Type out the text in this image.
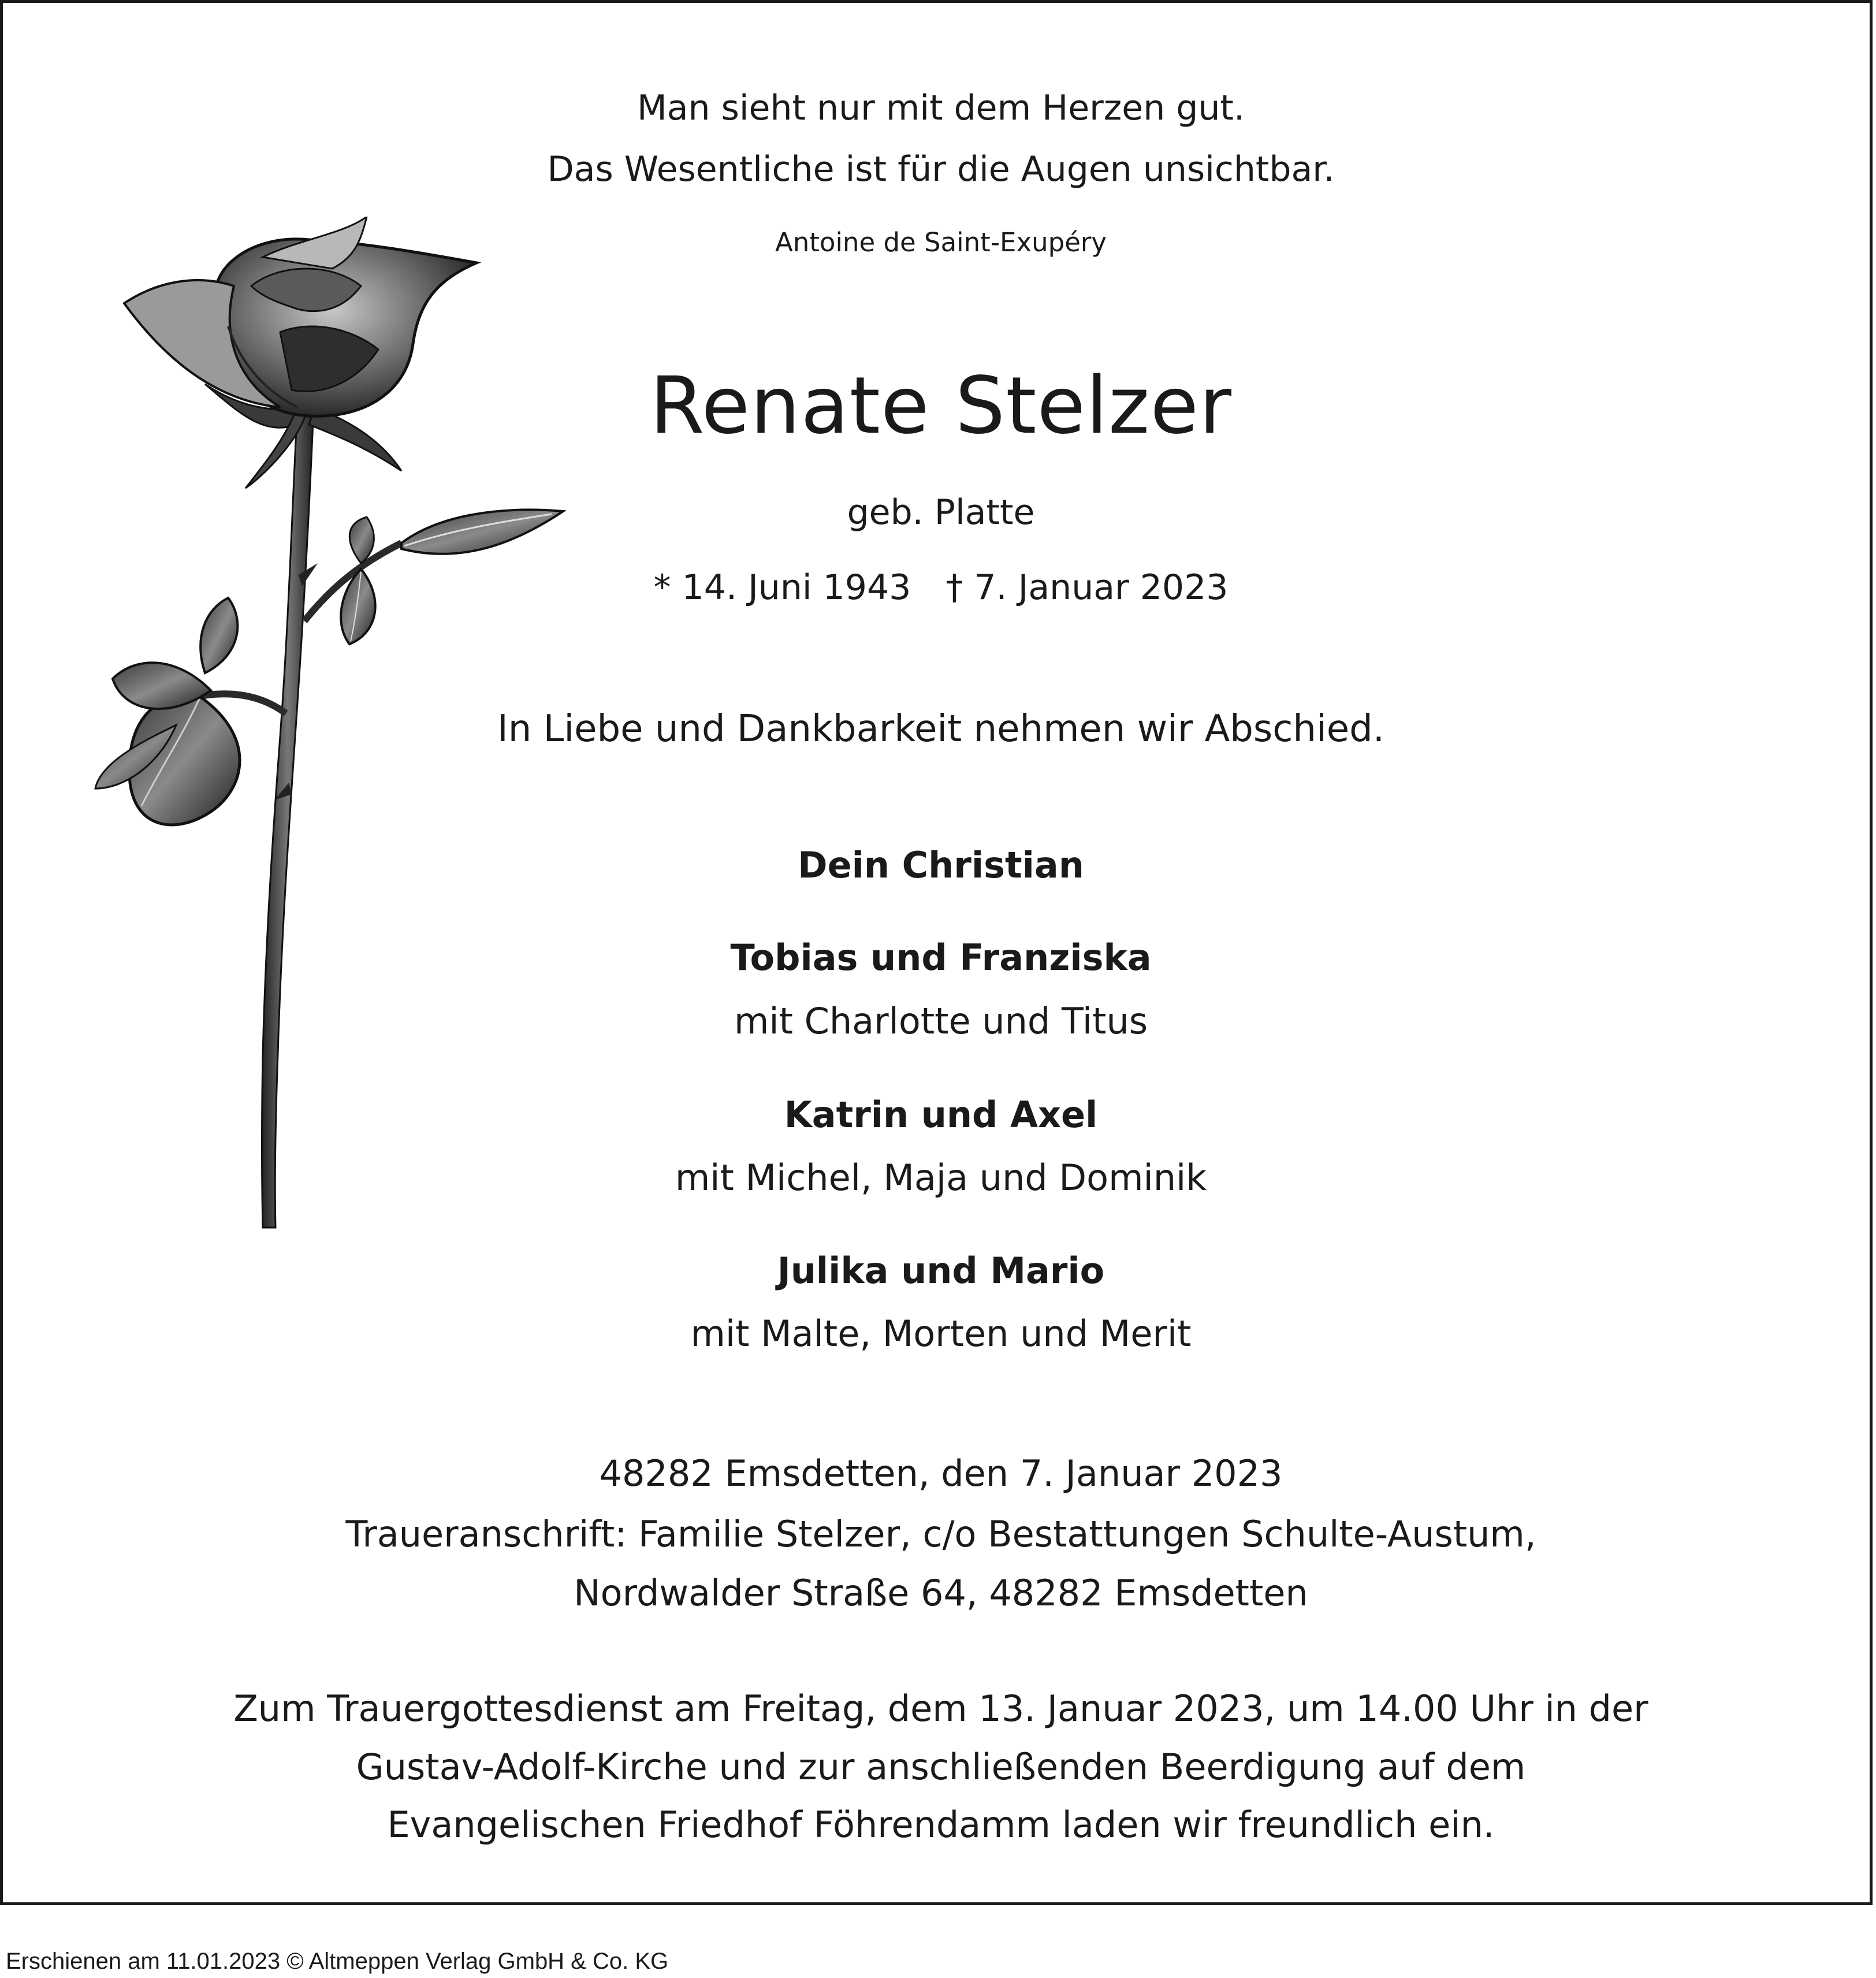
Man sieht nur mit dem Herzen gut.
Das Wesentliche ist für die Augen unsichtbar.
Antoine de Saint-Exupéry
Renate Stelzer
geb. Platte
* 14. Juni 1943 † 7. Januar 2023
In Liebe und Dankbarkeit nehmen wir Abschied.
Dein Christian
Tobias und Franziska
mit Charlotte und Titus
Katrin und Axel
mit Michel, Maja und Dominik
Julika und Mario
mit Malte, Morten und Merit
48282 Emsdetten, den 7. Januar 2023
Traueranschrift: Familie Stelzer, c/o Bestattungen Schulte-Austum,
Nordwalder Straße 64, 48282 Emsdetten
Zum Trauergottesdienst am Freitag, dem 13. Januar 2023, um 14.00 Uhr in der
Gustav-Adolf-Kirche und zur anschließenden Beerdigung auf dem
Evangelischen Friedhof Föhrendamm laden wir freundlich ein.
Erschienen am 11.01.2023 © Altmeppen Verlag GmbH & Co. KG
